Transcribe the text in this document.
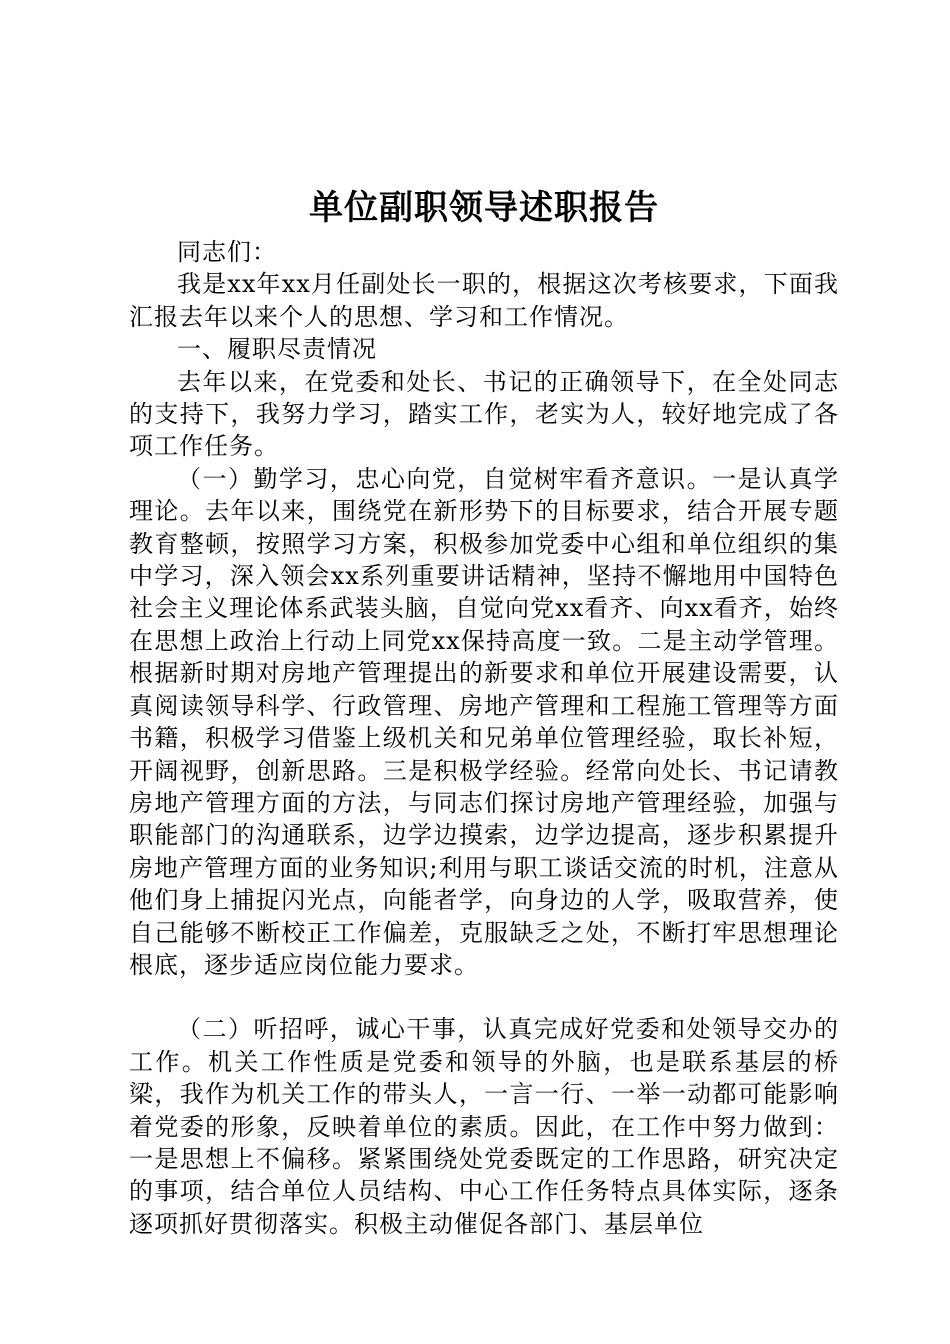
单位副职领导述职报告

同志们：

我是xx年xx月任副处长一职的，根据这次考核要求，下面我汇报去年以来个人的思想、学习和工作情况。

一、履职尽责情况

去年以来，在党委和处长、书记的正确领导下，在全处同志的支持下，我努力学习，踏实工作，老实为人，较好地完成了各项工作任务。

（一）勤学习，忠心向党，自觉树牢看齐意识。一是认真学理论。去年以来，围绕党在新形势下的目标要求，结合开展专题教育整顿，按照学习方案，积极参加党委中心组和单位组织的集中学习，深入领会xx系列重要讲话精神，坚持不懈地用中国特色社会主义理论体系武装头脑，自觉向党xx看齐、向xx看齐，始终在思想上政治上行动上同党xx保持高度一致。二是主动学管理。根据新时期对房地产管理提出的新要求和单位开展建设需要，认真阅读领导科学、行政管理、房地产管理和工程施工管理等方面书籍，积极学习借鉴上级机关和兄弟单位管理经验，取长补短，开阔视野，创新思路。三是积极学经验。经常向处长、书记请教房地产管理方面的方法，与同志们探讨房地产管理经验，加强与职能部门的沟通联系，边学边摸索，边学边提高，逐步积累提升房地产管理方面的业务知识;利用与职工谈话交流的时机，注意从他们身上捕捉闪光点，向能者学，向身边的人学，吸取营养，使自己能够不断校正工作偏差，克服缺乏之处，不断打牢思想理论根底，逐步适应岗位能力要求。

（二）听招呼，诚心干事，认真完成好党委和处领导交办的工作。机关工作性质是党委和领导的外脑，也是联系基层的桥梁，我作为机关工作的带头人，一言一行、一举一动都可能影响着党委的形象，反映着单位的素质。因此，在工作中努力做到：一是思想上不偏移。紧紧围绕处党委既定的工作思路，研究决定的事项，结合单位人员结构、中心工作任务特点具体实际，逐条逐项抓好贯彻落实。积极主动催促各部门、基层单位
